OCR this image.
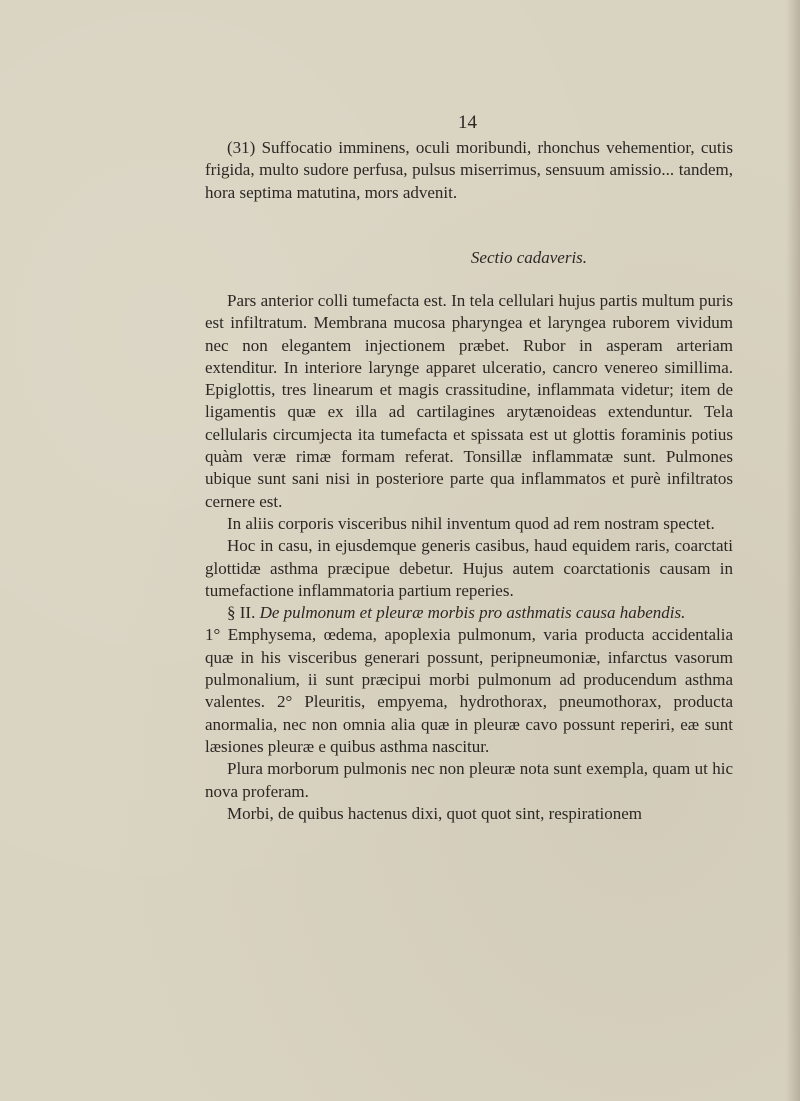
14

(31) Suffocatio imminens, oculi moribundi, rhonchus vehementior, cutis frigida, multo sudore perfusa, pulsus miserrimus, sensuum amissio... tandem, hora septima matutina, mors advenit.

Sectio cadaveris.

Pars anterior colli tumefacta est. In tela cellulari hujus partis multum puris est infiltratum. Membrana mucosa pharyngea et laryngea ruborem vividum nec non elegantem injectionem præbet. Rubor in asperam arteriam extenditur. In interiore larynge apparet ulceratio, cancro venereo simillima. Epiglottis, tres linearum et magis crassitudine, inflammata videtur; item de ligamentis quæ ex illa ad cartilagines arytænoideas extenduntur. Tela cellularis circumjecta ita tumefacta et spissata est ut glottis foraminis potius quàm veræ rimæ formam referat. Tonsillæ inflammatæ sunt. Pulmones ubique sunt sani nisi in posteriore parte qua inflammatos et purè infiltratos cernere est.

In aliis corporis visceribus nihil inventum quod ad rem nostram spectet.

Hoc in casu, in ejusdemque generis casibus, haud equidem raris, coarctati glottidæ asthma præcipue debetur. Hujus autem coarctationis causam in tumefactione inflammatoria partium reperies.

§ II. De pulmonum et pleuræ morbis pro asthmatis causa habendis.

1° Emphysema, œdema, apoplexia pulmonum, varia producta accidentalia quæ in his visceribus generari possunt, peripneumoniæ, infarctus vasorum pulmonalium, ii sunt præcipui morbi pulmonum ad producendum asthma valentes. 2° Pleuritis, empyema, hydrothorax, pneumothorax, producta anormalia, nec non omnia alia quæ in pleuræ cavo possunt reperiri, eæ sunt læsiones pleuræ e quibus asthma nascitur.

Plura morborum pulmonis nec non pleuræ nota sunt exempla, quam ut hic nova proferam.

Morbi, de quibus hactenus dixi, quot quot sint, respirationem
